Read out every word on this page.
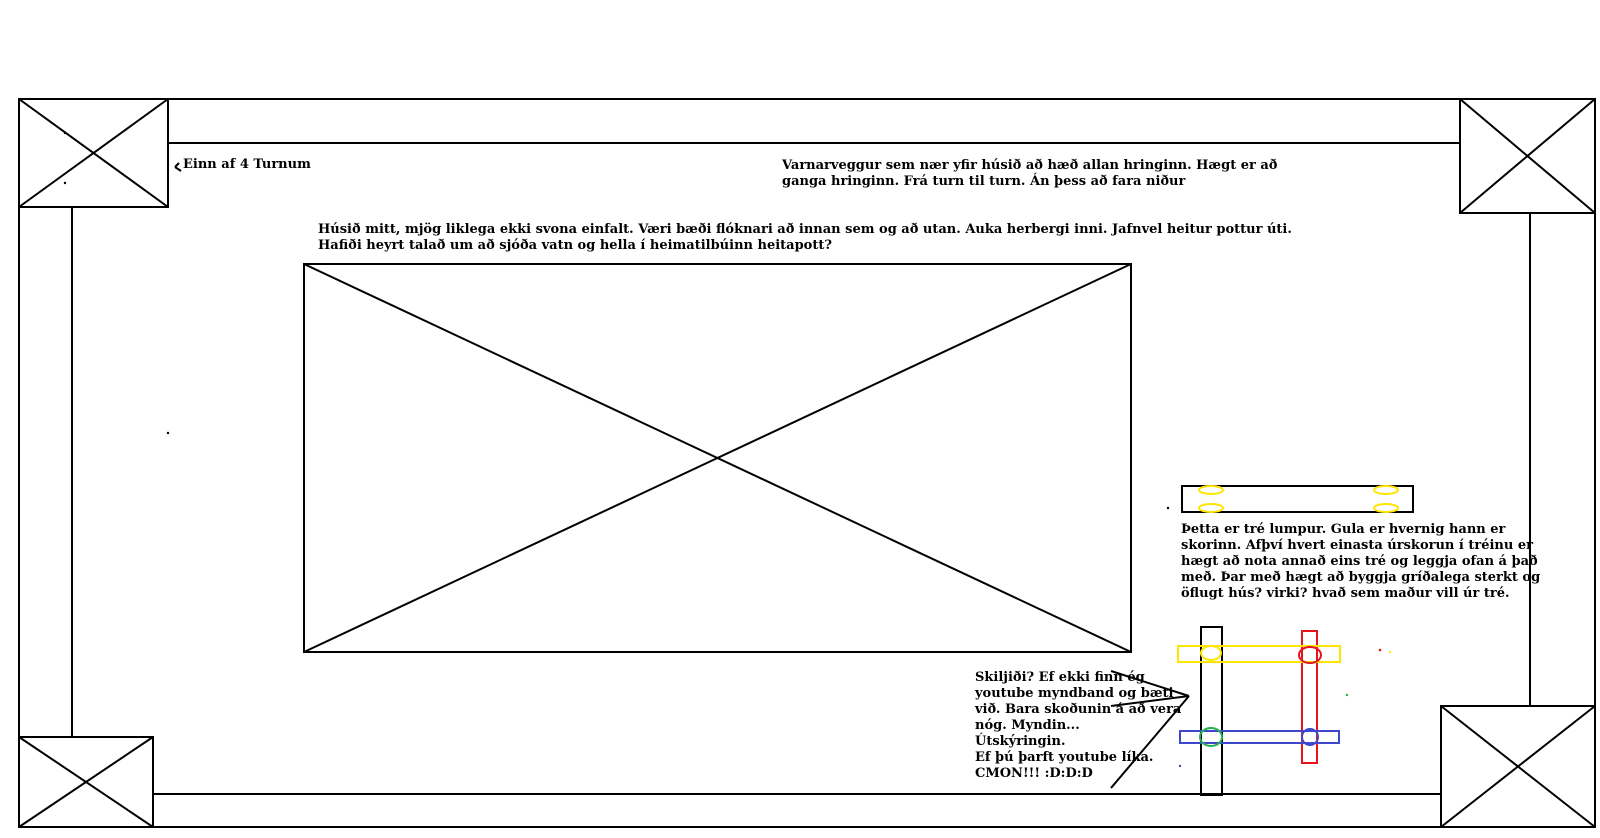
Einn af 4 Turnum	Varnarveggur sem nær yfir húsið að hæð allan hringinn. Hægt er að
ganga hringinn. Frá turn til turn. Án þess að fara niður
Húsið mitt, mjög liklega ekki svona einfalt. Væri bæði flóknari að innan sem og að utan. Auka herbergi inni. Jafnvel heitur pottur úti.
Hafiði heyrt talað um að sjóða vatn og hella í heimatilbúinn heitapott?
Þetta er tré lumpur. Gula er hvernig hann er
skorinn. Afþví hvert einasta úrskorun í tréinu er
hægt að nota annað eins tré og leggja ofan á það
með. Þar með hægt að byggja gríðalega sterkt og
öflugt hús? virki? hvað sem maður vill úr tré.
Skiljiði? Ef ekki finn ég
youtube myndband og bæti
við. Bara skoðunin á að vera
nóg. Myndin...
Útskýringin.
Ef þú þarft youtube líka.
CMON!!! :D:D:D
